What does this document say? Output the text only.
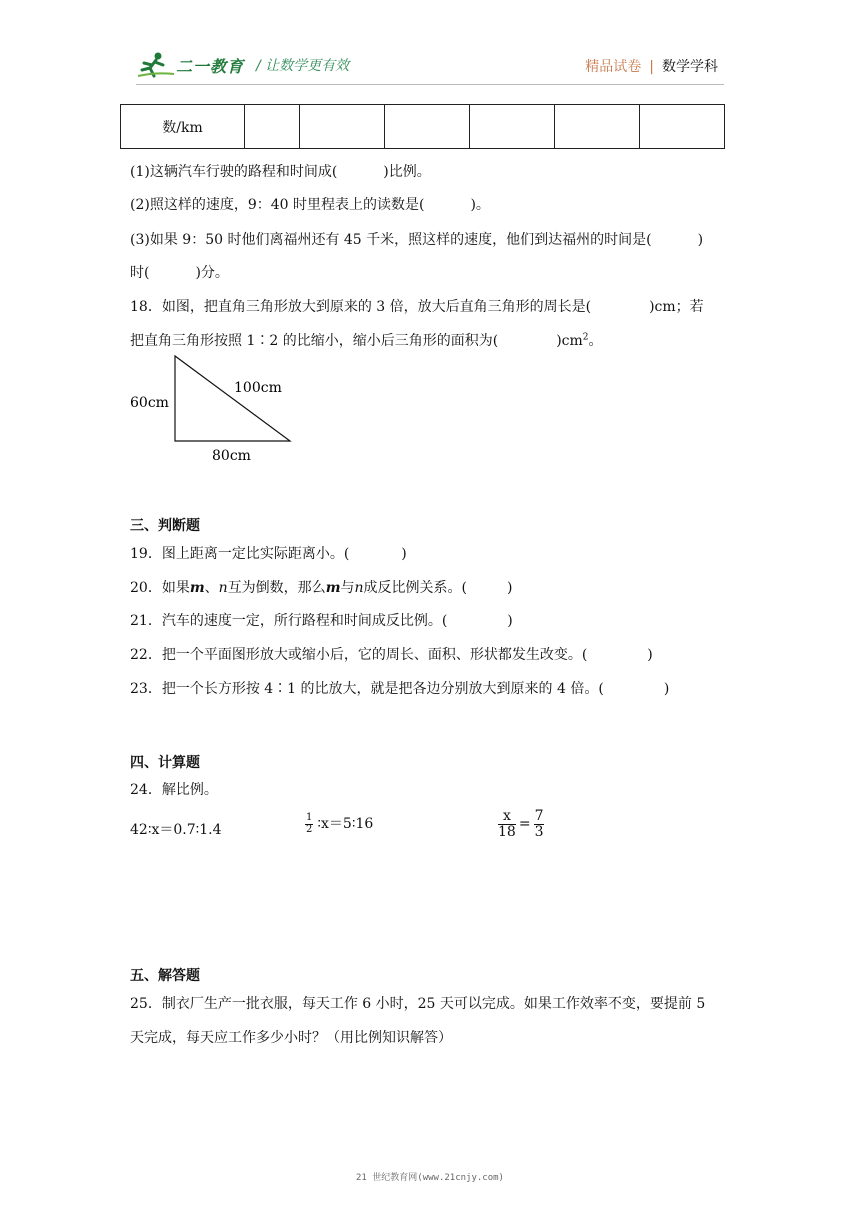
二一教育 / 让数学更有效	精品试卷 | 数学学科
数/km						
(1)这辆汽车行驶的路程和时间成(	)比例。
(2)照这样的速度，9：40 时里程表上的读数是(	)。
(3)如果 9：50 时他们离福州还有 45 千米，照这样的速度，他们到达福州的时间是(	)
时(	)分。
18．如图，把直角三角形放大到原来的 3 倍，放大后直角三角形的周长是(	)cm；若
把直角三角形按照 1∶2 的比缩小，缩小后三角形的面积为(	)$cm^2$。
60cm
100cm
80cm
三、判断题
19．图上距离一定比实际距离小。(	)
20．如果m、n互为倒数，那么m与n成反比例关系。(	)
21．汽车的速度一定，所行路程和时间成反比例。(	)
22．把一个平面图形放大或缩小后，它的周长、面积、形状都发生改变。(	)
23．把一个长方形按 4∶1 的比放大，就是把各边分别放大到原来的 4 倍。(	)
四、计算题
24．解比例。
42∶x＝0.7∶1.4	$\frac{1}{2}$ ∶x＝5∶16	$\frac{x}{18} = \frac{7}{3}$
五、解答题
25．制衣厂生产一批衣服，每天工作 6 小时，25 天可以完成。如果工作效率不变，要提前 5
天完成，每天应工作多少小时？（用比例知识解答）
21 世纪教育网(www.21cnjy.com)
